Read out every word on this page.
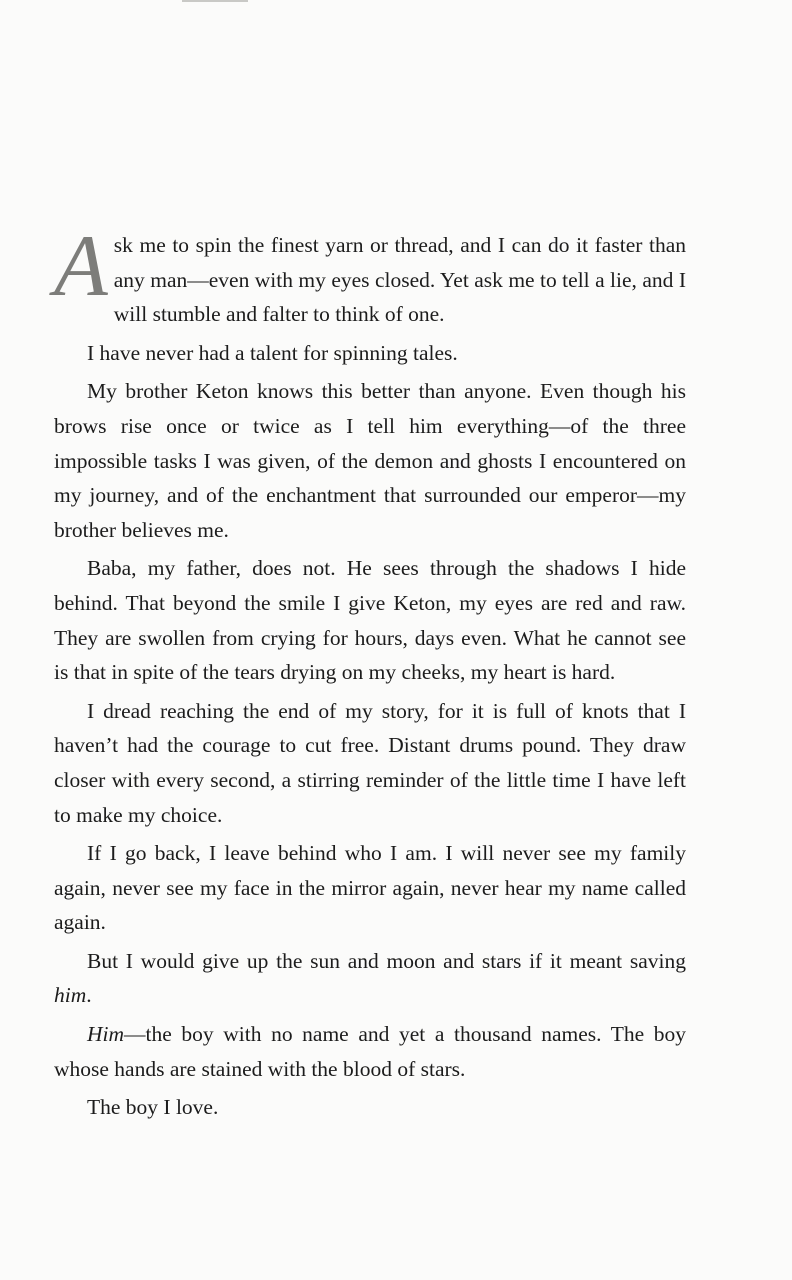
Ask me to spin the finest yarn or thread, and I can do it faster than any man—even with my eyes closed. Yet ask me to tell a lie, and I will stumble and falter to think of one.

I have never had a talent for spinning tales.

My brother Keton knows this better than anyone. Even though his brows rise once or twice as I tell him everything—of the three impossible tasks I was given, of the demon and ghosts I encountered on my journey, and of the enchantment that surrounded our emperor—my brother believes me.

Baba, my father, does not. He sees through the shadows I hide behind. That beyond the smile I give Keton, my eyes are red and raw. They are swollen from crying for hours, days even. What he cannot see is that in spite of the tears drying on my cheeks, my heart is hard.

I dread reaching the end of my story, for it is full of knots that I haven’t had the courage to cut free. Distant drums pound. They draw closer with every second, a stirring reminder of the little time I have left to make my choice.

If I go back, I leave behind who I am. I will never see my family again, never see my face in the mirror again, never hear my name called again.

But I would give up the sun and moon and stars if it meant saving him.

Him—the boy with no name and yet a thousand names. The boy whose hands are stained with the blood of stars.

The boy I love.
